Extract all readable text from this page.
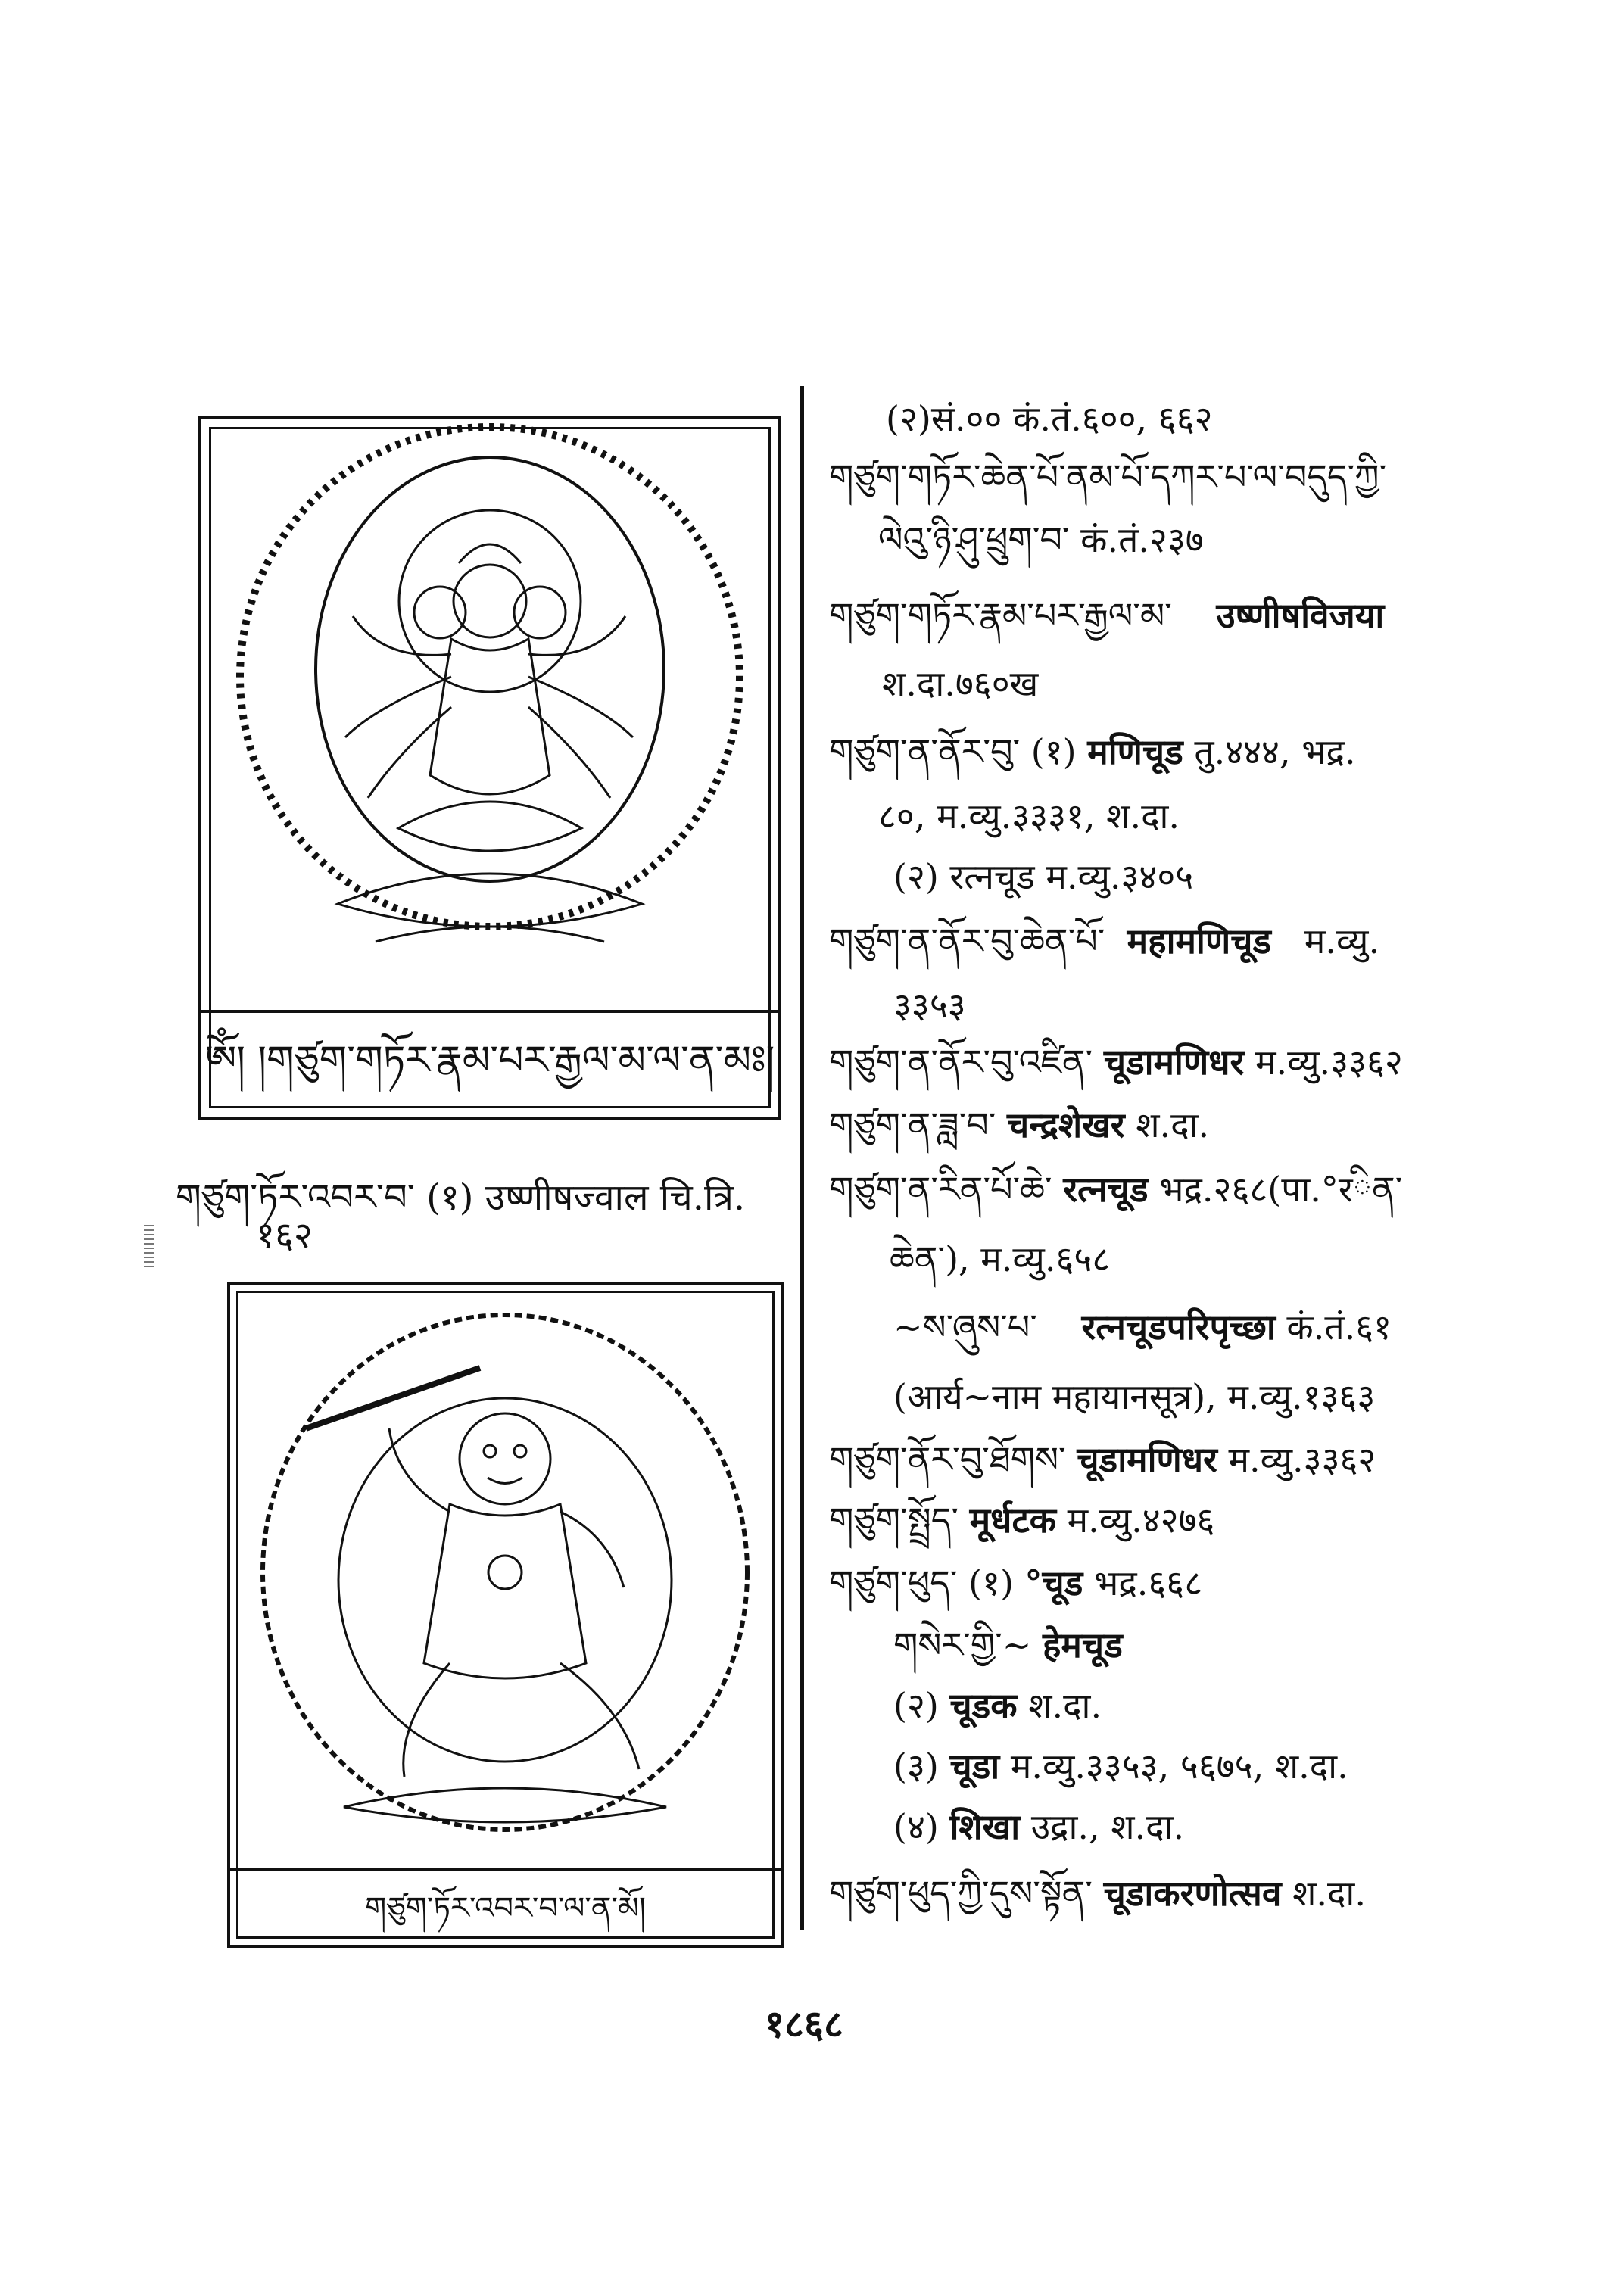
ༀ། །གཙུག་གཏོར་རྣམ་པར་རྒྱལ་མ་ལ་ན་མཿ།
གཙུག་ཏོར་འབར་བ་ (१) उष्णीषज्वाल चि.त्रि.
१६२
གཙུག་ཏོར་འབར་བ་ལ་ན་མོ།
(२)सं.०० कं.तं.६००, ६६२
གཙུག་གཏོར་ཆེན་པོ་ནམ་པོ་དཀར་པ་ལ་བདུད་ཀྱི་
ལེའུ་ཉི་ཤུ་ཕྲུག་བ་ कं.तं.२३७
གཙུག་གཏོར་རྣམ་པར་རྒྱལ་མ་ उष्णीषविजया
श.दा.७६०ख
གཙུག་ན་ནོར་བུ་ (१) मणिचूड तु.४४४, भद्र.
८०, म.व्यु.३३३१, श.दा.
(२) रत्नचूड म.व्यु.३४०५
གཙུག་ན་ནོར་བུ་ཆེན་པོ་ महामणिचूड म.व्यु.
३३५३
གཙུག་ན་ནོར་བུ་འཛིན་ चूडामणिधर म.व्यु.३३६२
གཙུག་ན་ཟླ་བ་ चन्द्रशेखर श.दा.
གཙུག་ན་རིན་པོ་ཆེ་ रत्नचूड भद्र.२६८(पा.°रིན་
ཆེན་), म.व्यु.६५८
~ས་ཞུས་པ་ रत्नचूडपरिपृच्छा कं.तं.६१
(आर्य~नाम महायानसूत्र), म.व्यु.१३६३
གཙུག་ནོར་བུ་ཐོགས་ चूडामणिधर म.व्यु.३३६२
གཙུག་སྤྲོད་ मूर्धटक म.व्यु.४२७६
གཙུག་ཕུད་ (१) °चूड भद्र.६६८
གསེར་གྱི་~ हेमचूड
(२) चूडक श.दा.
(३) चूडा म.व्यु.३३५३, ५६७५, श.दा.
(४) शिखा उद्रा., श.दा.
གཙུག་ཕུད་ཀྱི་དུས་སྟོན་ चूडाकरणोत्सव श.दा.
१८६८
